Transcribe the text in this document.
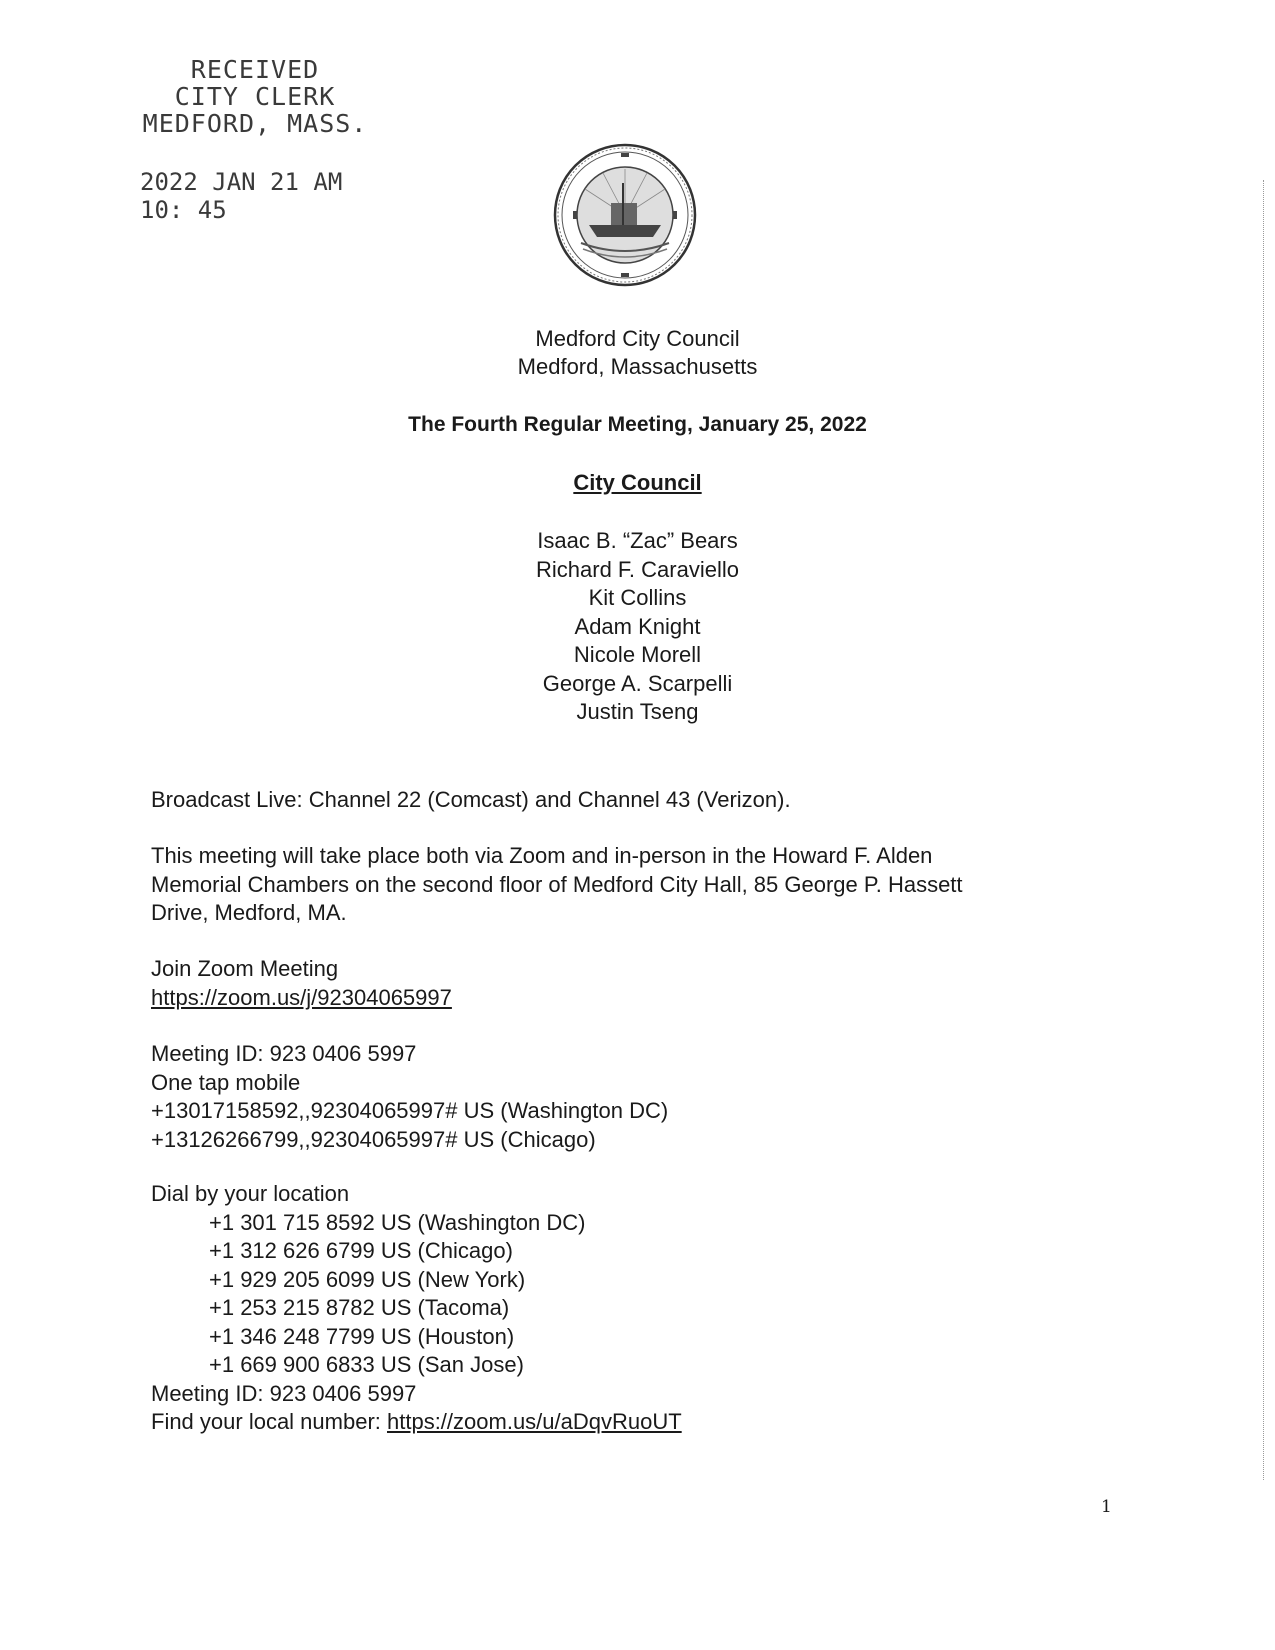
RECEIVED
CITY CLERK
MEDFORD, MASS.
2022 JAN 21 AM 10: 45
Medford City Council
Medford, Massachusetts
The Fourth Regular Meeting, January 25, 2022
City Council
Isaac B. “Zac” Bears
Richard F. Caraviello
Kit Collins
Adam Knight
Nicole Morell
George A. Scarpelli
Justin Tseng
Broadcast Live: Channel 22 (Comcast) and Channel 43 (Verizon).
This meeting will take place both via Zoom and in-person in the Howard F. Alden
Memorial Chambers on the second floor of Medford City Hall, 85 George P. Hassett
Drive, Medford, MA.
Join Zoom Meeting
https://zoom.us/j/92304065997
Meeting ID: 923 0406 5997
One tap mobile
+13017158592,,92304065997# US (Washington DC)
+13126266799,,92304065997# US (Chicago)
Dial by your location
+1 301 715 8592 US (Washington DC)
+1 312 626 6799 US (Chicago)
+1 929 205 6099 US (New York)
+1 253 215 8782 US (Tacoma)
+1 346 248 7799 US (Houston)
+1 669 900 6833 US (San Jose)
Meeting ID: 923 0406 5997
Find your local number: https://zoom.us/u/aDqvRuoUT
1
